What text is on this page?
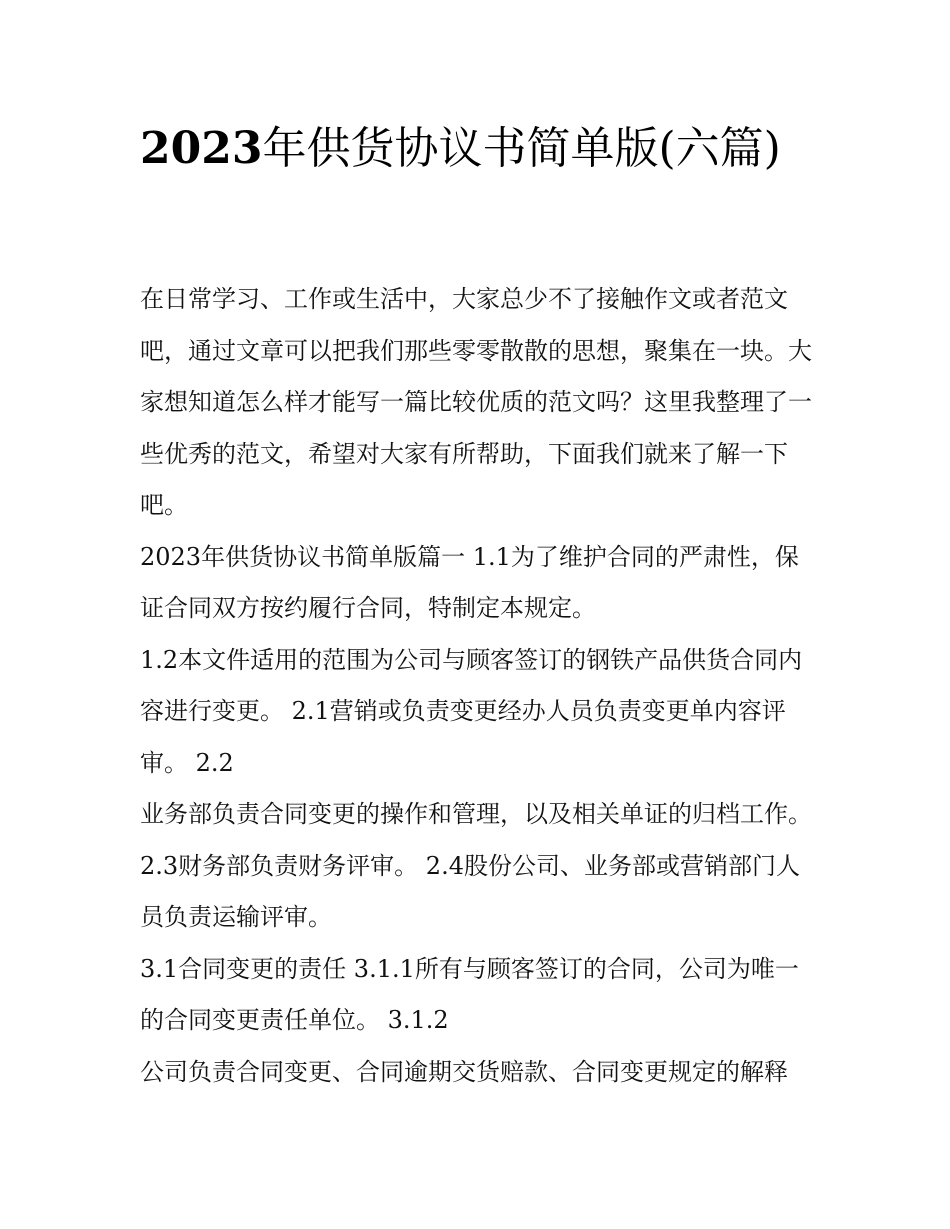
2023年供货协议书简单版(六篇)

在日常学习、工作或生活中，大家总少不了接触作文或者范文吧，通过文章可以把我们那些零零散散的思想，聚集在一块。大家想知道怎么样才能写一篇比较优质的范文吗？这里我整理了一些优秀的范文，希望对大家有所帮助，下面我们就来了解一下吧。

2023年供货协议书简单版篇一 1.1为了维护合同的严肃性，保证合同双方按约履行合同，特制定本规定。

1.2本文件适用的范围为公司与顾客签订的钢铁产品供货合同内容进行变更。 2.1营销或负责变更经办人员负责变更单内容评审。 2.2

业务部负责合同变更的操作和管理，以及相关单证的归档工作。 2.3财务部负责财务评审。 2.4股份公司、业务部或营销部门人员负责运输评审。

3.1合同变更的责任 3.1.1所有与顾客签订的合同，公司为唯一的合同变更责任单位。 3.1.2

公司负责合同变更、合同逾期交货赔款、合同变更规定的解释
